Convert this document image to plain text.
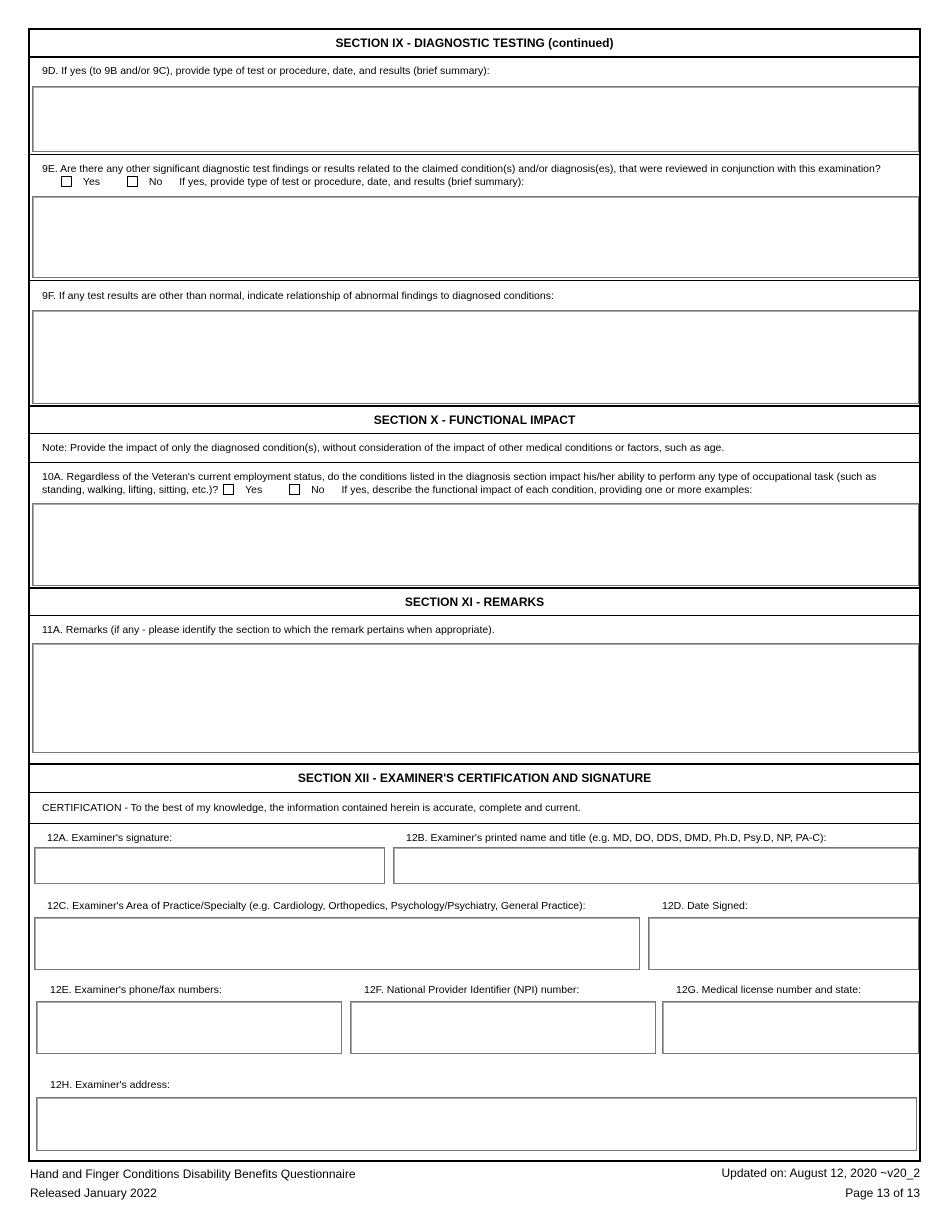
SECTION IX - DIAGNOSTIC TESTING (continued)
9D. If yes (to 9B and/or 9C), provide type of test or procedure, date, and results (brief summary):
9E. Are there any other significant diagnostic test findings or results related to the claimed condition(s) and/or diagnosis(es), that were reviewed in conjunction with this examination?
Yes	No If yes, provide type of test or procedure, date, and results (brief summary):
9F. If any test results are other than normal, indicate relationship of abnormal findings to diagnosed conditions:
SECTION X - FUNCTIONAL IMPACT
Note: Provide the impact of only the diagnosed condition(s), without consideration of the impact of other medical conditions or factors, such as age.
10A. Regardless of the Veteran's current employment status, do the conditions listed in the diagnosis section impact his/her ability to perform any type of occupational task (such as
standing, walking, lifting, sitting, etc.)?	Yes	No If yes, describe the functional impact of each condition, providing one or more examples:
SECTION XI - REMARKS
11A. Remarks (if any - please identify the section to which the remark pertains when appropriate).
SECTION XII - EXAMINER'S CERTIFICATION AND SIGNATURE
CERTIFICATION - To the best of my knowledge, the information contained herein is accurate, complete and current.
12A. Examiner's signature:	12B. Examiner's printed name and title (e.g. MD, DO, DDS, DMD, Ph.D, Psy.D, NP, PA-C):
12C. Examiner's Area of Practice/Specialty (e.g. Cardiology, Orthopedics, Psychology/Psychiatry, General Practice):	12D. Date Signed:
12E. Examiner's phone/fax numbers:	12F. National Provider Identifier (NPI) number:	12G. Medical license number and state:
12H. Examiner's address:
Hand and Finger Conditions Disability Benefits Questionnaire
Released January 2022
Updated on: August 12, 2020 ~v20_2
Page 13 of 13
